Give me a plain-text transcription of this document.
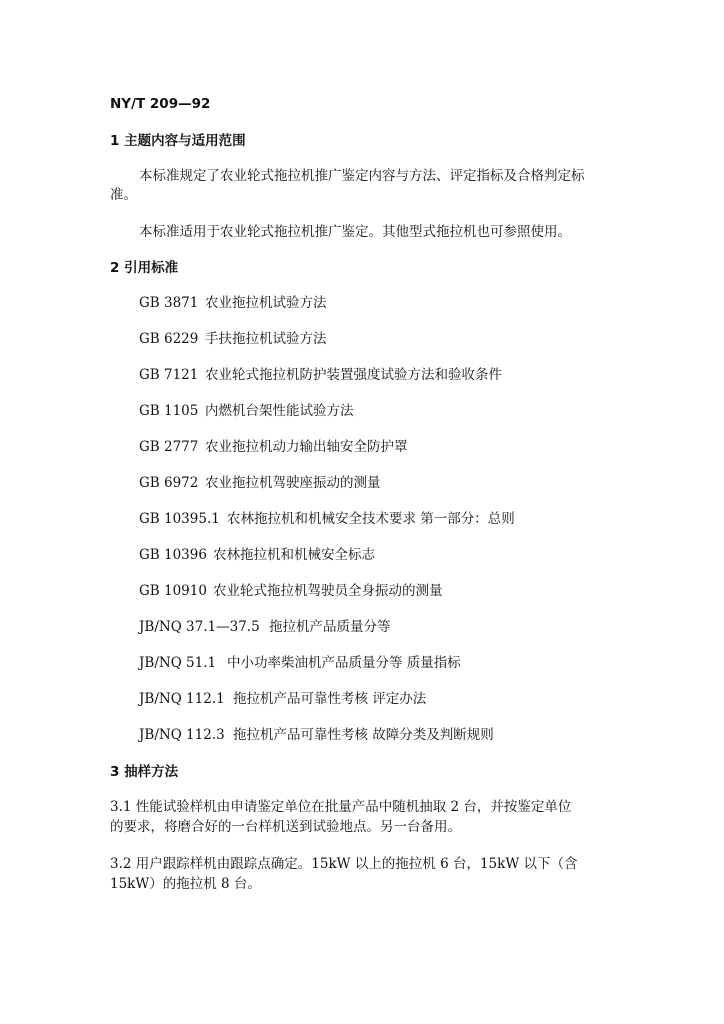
NY/T 209—92
1 主题内容与适用范围
本标准规定了农业轮式拖拉机推广鉴定内容与方法、评定指标及合格判定标
准。
本标准适用于农业轮式拖拉机推广鉴定。其他型式拖拉机也可参照使用。
2 引用标准
GB 3871 农业拖拉机试验方法
GB 6229 手扶拖拉机试验方法
GB 7121 农业轮式拖拉机防护装置强度试验方法和验收条件
GB 1105 内燃机台架性能试验方法
GB 2777 农业拖拉机动力输出轴安全防护罩
GB 6972 农业拖拉机驾驶座振动的测量
GB 10395.1 农林拖拉机和机械安全技术要求 第一部分：总则
GB 10396 农林拖拉机和机械安全标志
GB 10910 农业轮式拖拉机驾驶员全身振动的测量
JB/NQ 37.1—37.5 拖拉机产品质量分等
JB/NQ 51.1 中小功率柴油机产品质量分等 质量指标
JB/NQ 112.1 拖拉机产品可靠性考核 评定办法
JB/NQ 112.3 拖拉机产品可靠性考核 故障分类及判断规则
3 抽样方法
3.1 性能试验样机由申请鉴定单位在批量产品中随机抽取 2 台，并按鉴定单位
的要求，将磨合好的一台样机送到试验地点。另一台备用。
3.2 用户跟踪样机由跟踪点确定。15kW 以上的拖拉机 6 台，15kW 以下（含
15kW）的拖拉机 8 台。
